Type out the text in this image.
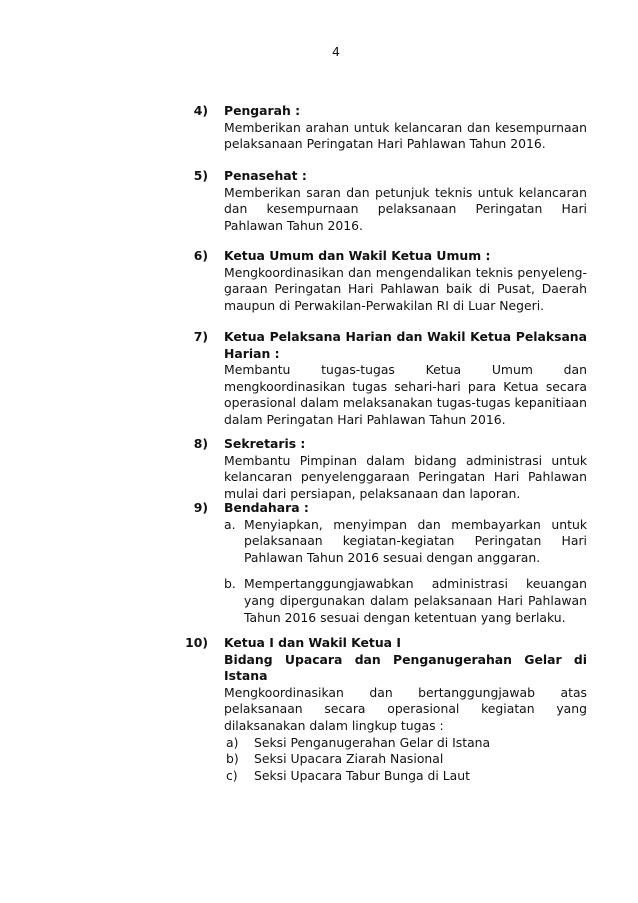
4
4) Pengarah :
Memberikan arahan untuk kelancaran dan kesempurnaan pelaksanaan Peringatan Hari Pahlawan Tahun 2016.
5) Penasehat :
Memberikan saran dan petunjuk teknis untuk kelancaran dan kesempurnaan pelaksanaan Peringatan Hari Pahlawan Tahun 2016.
6) Ketua Umum dan Wakil Ketua Umum :
Mengkoordinasikan dan mengendalikan teknis penyeleng-garaan Peringatan Hari Pahlawan baik di Pusat, Daerah maupun di Perwakilan-Perwakilan RI di Luar Negeri.
7) Ketua Pelaksana Harian dan Wakil Ketua Pelaksana Harian :
Membantu tugas-tugas Ketua Umum dan mengkoordinasikan tugas sehari-hari para Ketua secara operasional dalam melaksanakan tugas-tugas kepanitiaan dalam Peringatan Hari Pahlawan Tahun 2016.
8) Sekretaris :
Membantu Pimpinan dalam bidang administrasi untuk kelancaran penyelenggaraan Peringatan Hari Pahlawan mulai dari persiapan, pelaksanaan dan laporan.
9) Bendahara :
a. Menyiapkan, menyimpan dan membayarkan untuk pelaksanaan kegiatan-kegiatan Peringatan Hari Pahlawan Tahun 2016 sesuai dengan anggaran.
b. Mempertanggungjawabkan administrasi keuangan yang dipergunakan dalam pelaksanaan Hari Pahlawan Tahun 2016 sesuai dengan ketentuan yang berlaku.
10) Ketua I dan Wakil Ketua I
Bidang Upacara dan Penganugerahan Gelar di Istana
Mengkoordinasikan dan bertanggungjawab atas pelaksanaan secara operasional kegiatan yang dilaksanakan dalam lingkup tugas :
a) Seksi Penganugerahan Gelar di Istana
b) Seksi Upacara Ziarah Nasional
c) Seksi Upacara Tabur Bunga di Laut
